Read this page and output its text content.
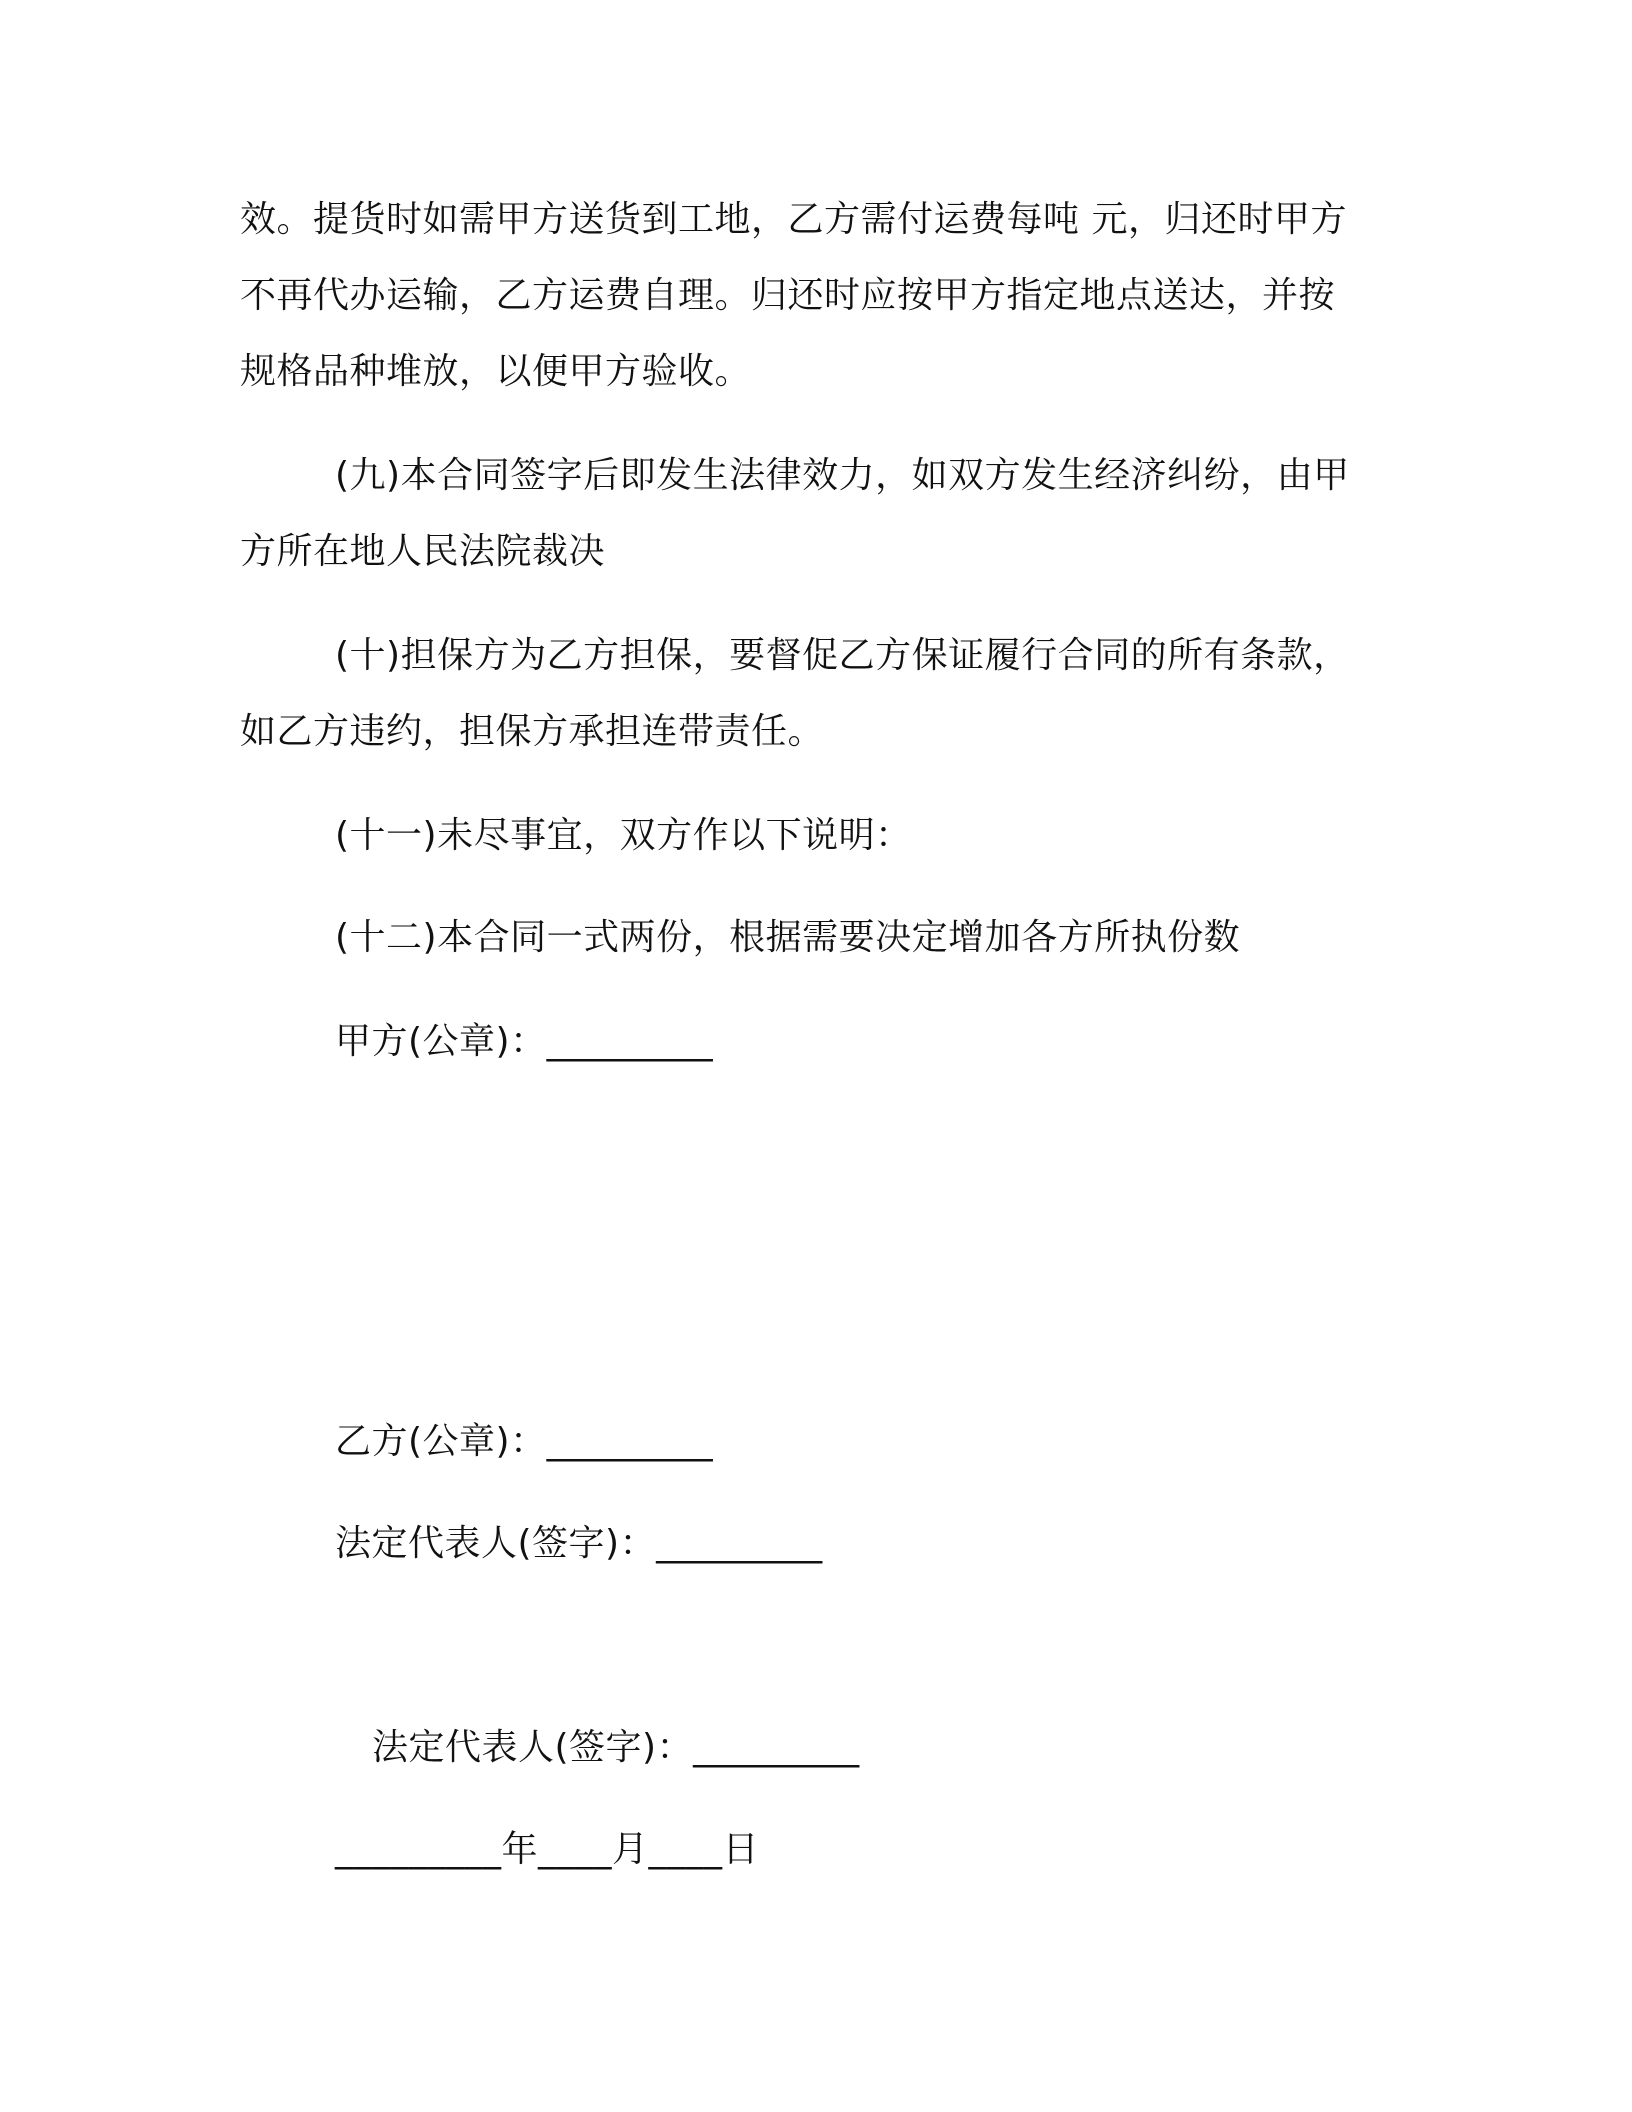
效。提货时如需甲方送货到工地，乙方需付运费每吨 元，归还时甲方
不再代办运输，乙方运费自理。归还时应按甲方指定地点送达，并按
规格品种堆放，以便甲方验收。
(九)本合同签字后即发生法律效力，如双方发生经济纠纷，由甲
方所在地人民法院裁决
(十)担保方为乙方担保，要督促乙方保证履行合同的所有条款，
如乙方违约，担保方承担连带责任。
(十一)未尽事宜，双方作以下说明：
(十二)本合同一式两份，根据需要决定增加各方所执份数
甲方(公章)：_________
乙方(公章)：_________
法定代表人(签字)：_________
法定代表人(签字)：_________
_________年____月____日
